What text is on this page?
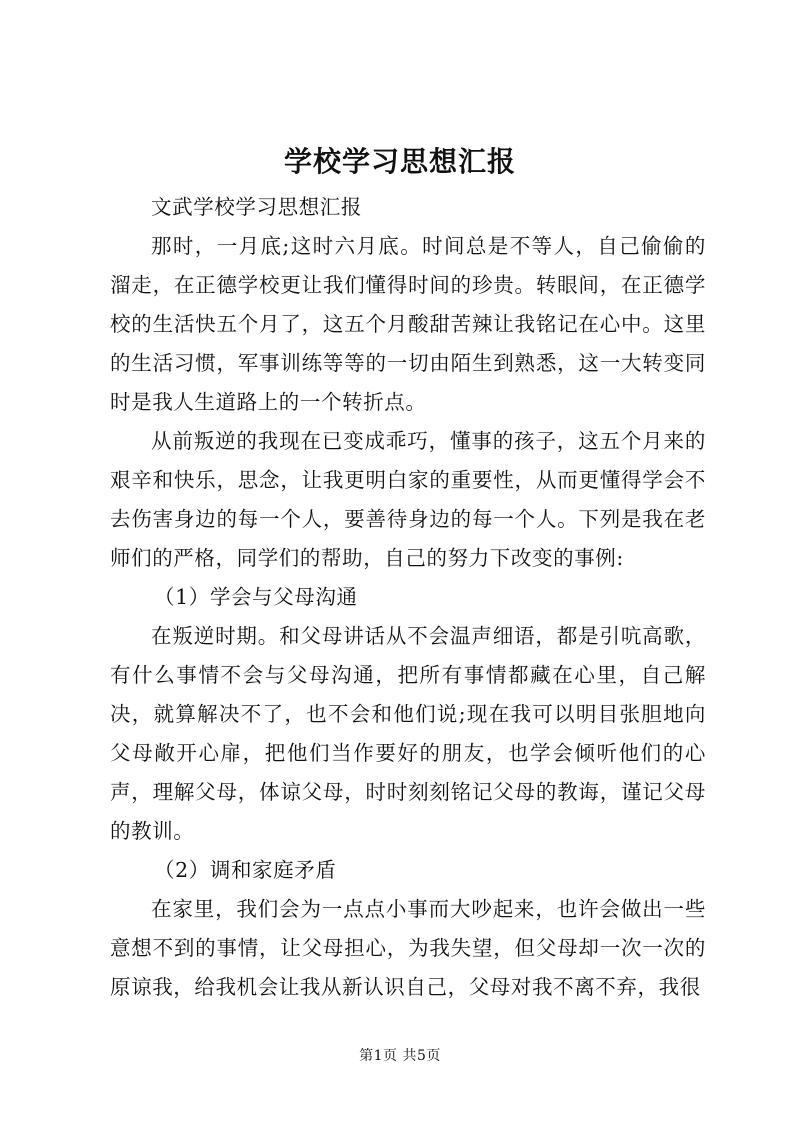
学校学习思想汇报

文武学校学习思想汇报

那时，一月底;这时六月底。时间总是不等人，自己偷偷的溜走，在正德学校更让我们懂得时间的珍贵。转眼间，在正德学校的生活快五个月了，这五个月酸甜苦辣让我铭记在心中。这里的生活习惯，军事训练等等的一切由陌生到熟悉，这一大转变同时是我人生道路上的一个转折点。

从前叛逆的我现在已变成乖巧，懂事的孩子，这五个月来的艰辛和快乐，思念，让我更明白家的重要性，从而更懂得学会不去伤害身边的每一个人，要善待身边的每一个人。下列是我在老师们的严格，同学们的帮助，自己的努力下改变的事例:

（1）学会与父母沟通

在叛逆时期。和父母讲话从不会温声细语，都是引吭高歌，有什么事情不会与父母沟通，把所有事情都藏在心里，自己解决，就算解决不了，也不会和他们说;现在我可以明目张胆地向父母敞开心扉，把他们当作要好的朋友，也学会倾听他们的心声，理解父母，体谅父母，时时刻刻铭记父母的教诲，谨记父母的教训。

（2）调和家庭矛盾

在家里，我们会为一点点小事而大吵起来，也许会做出一些意想不到的事情，让父母担心，为我失望，但父母却一次一次的原谅我，给我机会让我从新认识自己，父母对我不离不弃，我很

第1页 共5页
